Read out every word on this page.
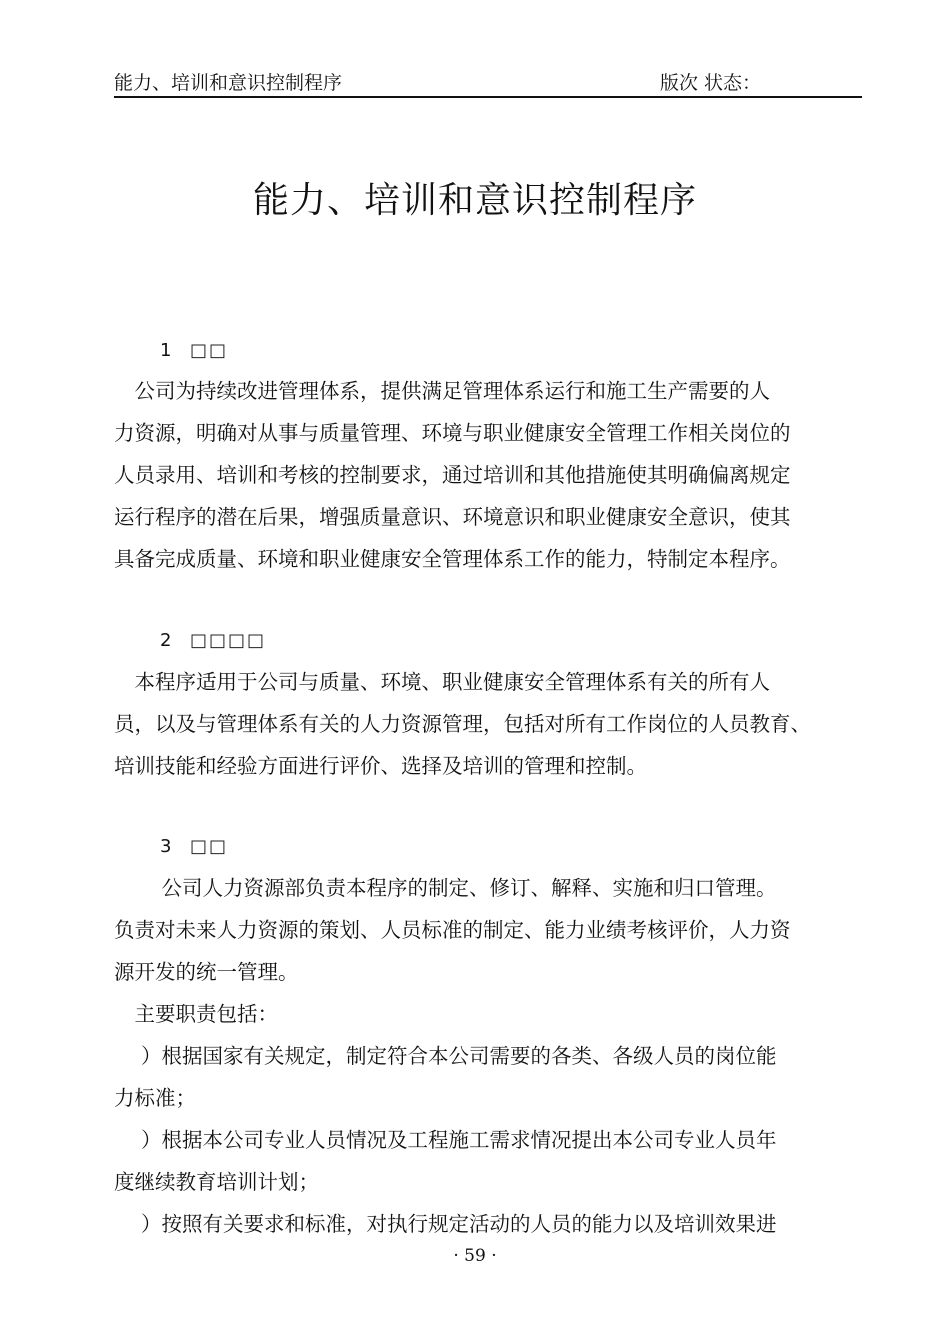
能力、培训和意识控制程序	版次 状态：
能力、培训和意识控制程序
1 □□
　公司为持续改进管理体系，提供满足管理体系运行和施工生产需要的人
力资源，明确对从事与质量管理、环境与职业健康安全管理工作相关岗位的
人员录用、培训和考核的控制要求，通过培训和其他措施使其明确偏离规定
运行程序的潜在后果，增强质量意识、环境意识和职业健康安全意识，使其
具备完成质量、环境和职业健康安全管理体系工作的能力，特制定本程序。
2 □□□□
　本程序适用于公司与质量、环境、职业健康安全管理体系有关的所有人
员，以及与管理体系有关的人力资源管理，包括对所有工作岗位的人员教育、
培训技能和经验方面进行评价、选择及培训的管理和控制。
3 □□
　　 公司人力资源部负责本程序的制定、修订、解释、实施和归口管理。
负责对未来人力资源的策划、人员标准的制定、能力业绩考核评价，人力资
源开发的统一管理。
　主要职责包括：
　 ）根据国家有关规定，制定符合本公司需要的各类、各级人员的岗位能
力标准；
　 ）根据本公司专业人员情况及工程施工需求情况提出本公司专业人员年
度继续教育培训计划；
　 ）按照有关要求和标准，对执行规定活动的人员的能力以及培训效果进
· 59 ·
